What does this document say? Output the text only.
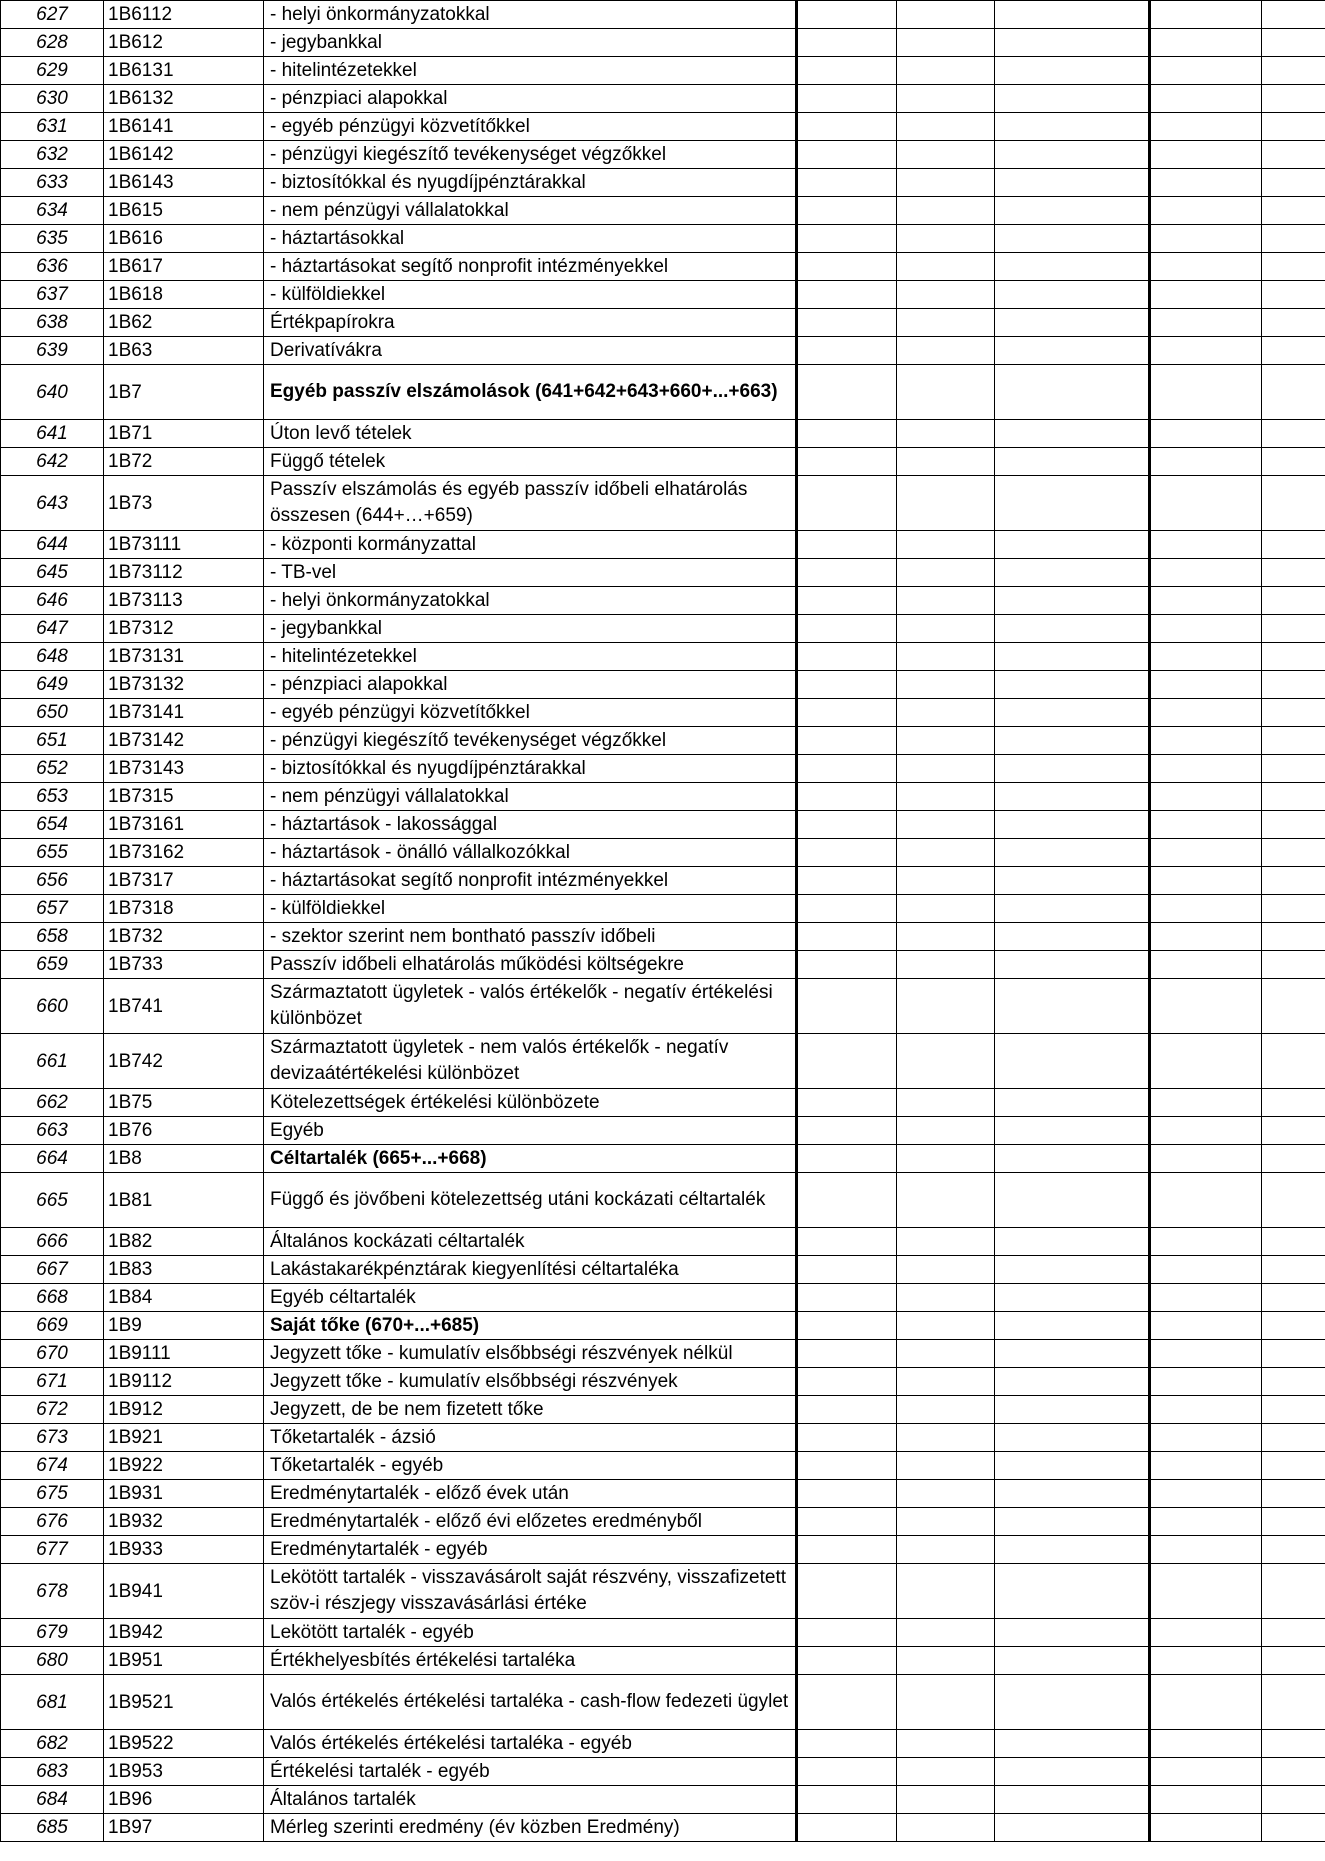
627	1B6112	- helyi önkormányzatokkal					
628	1B612	- jegybankkal					
629	1B6131	- hitelintézetekkel					
630	1B6132	- pénzpiaci alapokkal					
631	1B6141	- egyéb pénzügyi közvetítőkkel					
632	1B6142	- pénzügyi kiegészítő tevékenységet végzőkkel					
633	1B6143	- biztosítókkal és nyugdíjpénztárakkal					
634	1B615	- nem pénzügyi vállalatokkal					
635	1B616	- háztartásokkal					
636	1B617	- háztartásokat segítő nonprofit intézményekkel					
637	1B618	- külföldiekkel					
638	1B62	Értékpapírokra					
639	1B63	Derivatívákra					
640	1B7	Egyéb passzív elszámolások (641+642+643+660+...+663)					
641	1B71	Úton levő tételek					
642	1B72	Függő tételek					
643	1B73	Passzív elszámolás és egyéb passzív időbeli elhatárolás összesen (644+…+659)					
644	1B73111	- központi kormányzattal					
645	1B73112	- TB-vel					
646	1B73113	- helyi önkormányzatokkal					
647	1B7312	- jegybankkal					
648	1B73131	- hitelintézetekkel					
649	1B73132	- pénzpiaci alapokkal					
650	1B73141	- egyéb pénzügyi közvetítőkkel					
651	1B73142	- pénzügyi kiegészítő tevékenységet végzőkkel					
652	1B73143	- biztosítókkal és nyugdíjpénztárakkal					
653	1B7315	- nem pénzügyi vállalatokkal					
654	1B73161	- háztartások - lakossággal					
655	1B73162	- háztartások - önálló vállalkozókkal					
656	1B7317	- háztartásokat segítő nonprofit intézményekkel					
657	1B7318	- külföldiekkel					
658	1B732	- szektor szerint nem bontható passzív időbeli					
659	1B733	Passzív időbeli elhatárolás működési költségekre					
660	1B741	Származtatott ügyletek - valós értékelők - negatív értékelési különbözet					
661	1B742	Származtatott ügyletek - nem valós értékelők - negatív devizaátértékelési különbözet					
662	1B75	Kötelezettségek értékelési különbözete					
663	1B76	Egyéb					
664	1B8	Céltartalék (665+...+668)					
665	1B81	Függő és jövőbeni kötelezettség utáni kockázati céltartalék					
666	1B82	Általános kockázati céltartalék					
667	1B83	Lakástakarékpénztárak kiegyenlítési céltartaléka					
668	1B84	Egyéb céltartalék					
669	1B9	Saját tőke (670+...+685)					
670	1B9111	Jegyzett tőke - kumulatív elsőbbségi részvények nélkül					
671	1B9112	Jegyzett tőke - kumulatív elsőbbségi részvények					
672	1B912	Jegyzett, de be nem fizetett tőke					
673	1B921	Tőketartalék - ázsió					
674	1B922	Tőketartalék - egyéb					
675	1B931	Eredménytartalék - előző évek után					
676	1B932	Eredménytartalék - előző évi előzetes eredményből					
677	1B933	Eredménytartalék - egyéb					
678	1B941	Lekötött tartalék - visszavásárolt saját részvény, visszafizetett szöv-i részjegy visszavásárlási értéke					
679	1B942	Lekötött tartalék - egyéb					
680	1B951	Értékhelyesbítés értékelési tartaléka					
681	1B9521	Valós értékelés értékelési tartaléka - cash-flow fedezeti ügylet					
682	1B9522	Valós értékelés értékelési tartaléka - egyéb					
683	1B953	Értékelési tartalék - egyéb					
684	1B96	Általános tartalék					
685	1B97	Mérleg szerinti eredmény (év közben Eredmény)					
